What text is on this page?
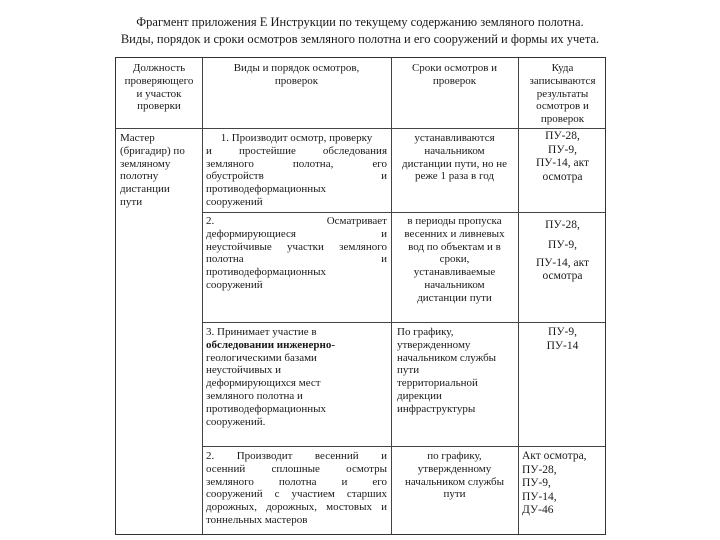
Фрагмент приложения Е Инструкции по текущему содержанию земляного полотна.
Виды, порядок и сроки осмотров земляного полотна и его сооружений и формы их учета.
Должность
проверяющего
и участок
проверки
Виды и порядок осмотров,
проверок
Сроки осмотров и
проверок
Куда
записываются
результаты
осмотров и
проверок
Мастер
(бригадир) по
земляному
полотну
дистанции
пути
1. Производит осмотр, проверку
и простейшие обследования
земляного полотна, его
обустройств и
противодеформационных
сооружений
устанавливаются
начальником
дистанции пути, но не
реже 1 раза в год
ПУ-28,
ПУ-9,
ПУ-14, акт
осмотра
2. Осматривает
деформирующиеся и
неустойчивые участки земляного
полотна и
противодеформационных
сооружений
в периоды пропуска
весенних и ливневых
вод по объектам и в
сроки,
устанавливаемые
начальником
дистанции пути
ПУ-28,
ПУ-9,
ПУ-14, акт
осмотра
3. Принимает участие в
обследовании инженерно-
геологическими базами
неустойчивых и
деформирующихся мест
земляного полотна и
противодеформационных
сооружений.
По графику,
утвержденному
начальником службы
пути
территориальной
дирекции
инфраструктуры
ПУ-9,
ПУ-14
2. Производит весенний и
осенний сплошные осмотры
земляного полотна и его
сооружений с участием старших
дорожных, дорожных, мостовых и
тоннельных мастеров
по графику,
утвержденному
начальником службы
пути
Акт осмотра,
ПУ-28,
ПУ-9,
ПУ-14,
ДУ-46
